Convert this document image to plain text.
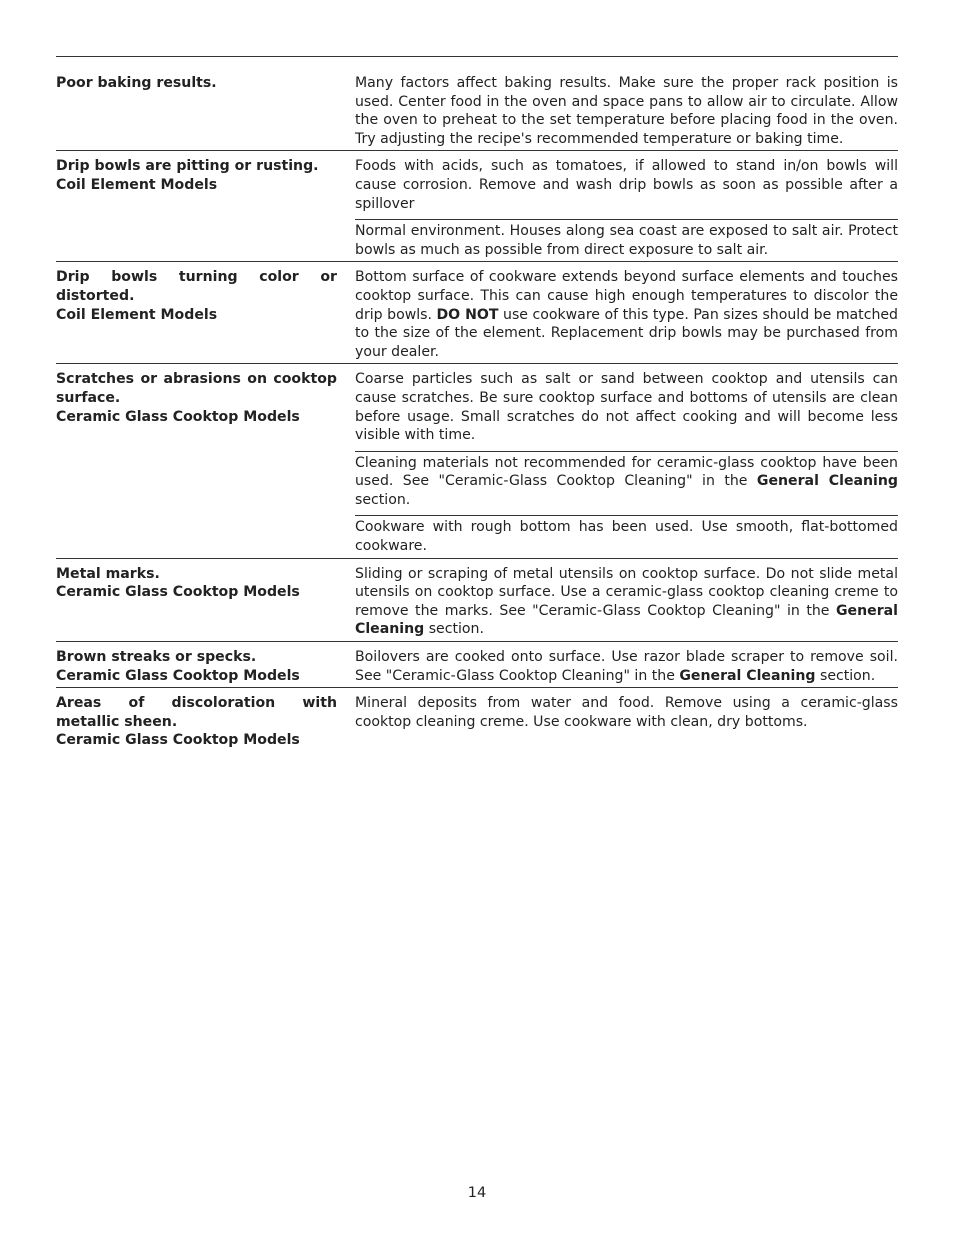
Poor baking results.	Many factors affect baking results. Make sure the proper rack position is used. Center food in the oven and space pans to allow air to circulate. Allow the oven to preheat to the set temperature before placing food in the oven. Try adjusting the recipe's recommended temperature or baking time.
Drip bowls are pitting or rusting.
Coil Element Models
Foods with acids, such as tomatoes, if allowed to stand in/on bowls will cause corrosion. Remove and wash drip bowls as soon as possible after a spillover
Normal environment. Houses along sea coast are exposed to salt air. Protect bowls as much as possible from direct exposure to salt air.
Drip bowls turning color or distorted.
Coil Element Models
Bottom surface of cookware extends beyond surface elements and touches cooktop surface. This can cause high enough temperatures to discolor the drip bowls. DO NOT use cookware of this type. Pan sizes should be matched to the size of the element. Replacement drip bowls may be purchased from your dealer.
Scratches or abrasions on cooktop surface.
Ceramic Glass Cooktop Models
Coarse particles such as salt or sand between cooktop and utensils can cause scratches. Be sure cooktop surface and bottoms of utensils are clean before usage. Small scratches do not affect cooking and will become less visible with time.
Cleaning materials not recommended for ceramic-glass cooktop have been used. See "Ceramic-Glass Cooktop Cleaning" in the General Cleaning section.
Cookware with rough bottom has been used. Use smooth, flat-bottomed cookware.
Metal marks.
Ceramic Glass Cooktop Models
Sliding or scraping of metal utensils on cooktop surface. Do not slide metal utensils on cooktop surface. Use a ceramic-glass cooktop cleaning creme to remove the marks. See "Ceramic-Glass Cooktop Cleaning" in the General Cleaning section.
Brown streaks or specks.
Ceramic Glass Cooktop Models
Boilovers are cooked onto surface. Use razor blade scraper to remove soil. See "Ceramic-Glass Cooktop Cleaning" in the General Cleaning section.
Areas of discoloration with metallic sheen.
Ceramic Glass Cooktop Models
Mineral deposits from water and food. Remove using a ceramic-glass cooktop cleaning creme. Use cookware with clean, dry bottoms.
14
